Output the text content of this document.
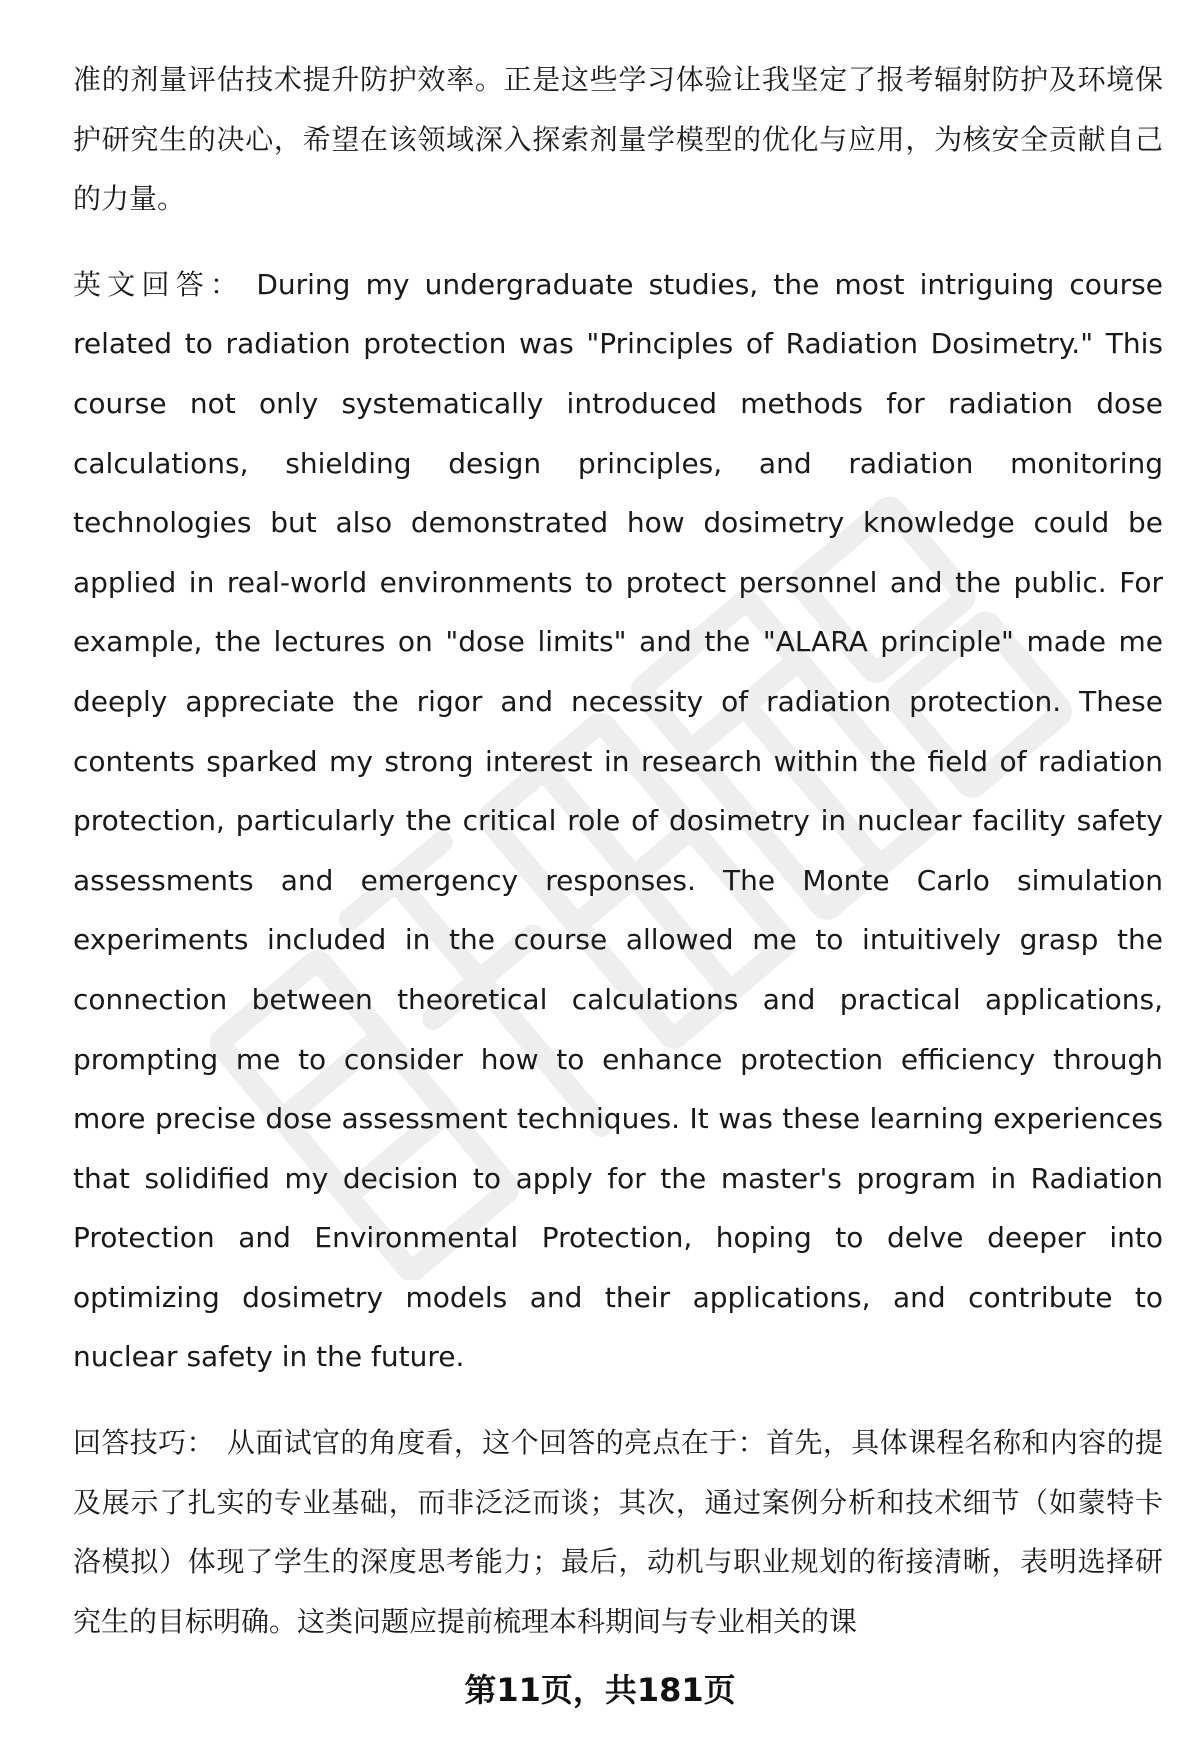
准的剂量评估技术提升防护效率。正是这些学习体验让我坚定了报考辐射防护及环境保护研究生的决心，希望在该领域深入探索剂量学模型的优化与应用，为核安全贡献自己的力量。

英文回答： During my undergraduate studies, the most intriguing course related to radiation protection was "Principles of Radiation Dosimetry." This course not only systematically introduced methods for radiation dose calculations, shielding design principles, and radiation monitoring technologies but also demonstrated how dosimetry knowledge could be applied in real-world environments to protect personnel and the public. For example, the lectures on "dose limits" and the "ALARA principle" made me deeply appreciate the rigor and necessity of radiation protection. These contents sparked my strong interest in research within the field of radiation protection, particularly the critical role of dosimetry in nuclear facility safety assessments and emergency responses. The Monte Carlo simulation experiments included in the course allowed me to intuitively grasp the connection between theoretical calculations and practical applications, prompting me to consider how to enhance protection efficiency through more precise dose assessment techniques. It was these learning experiences that solidified my decision to apply for the master's program in Radiation Protection and Environmental Protection, hoping to delve deeper into optimizing dosimetry models and their applications, and contribute to nuclear safety in the future.

回答技巧： 从面试官的角度看，这个回答的亮点在于：首先，具体课程名称和内容的提及展示了扎实的专业基础，而非泛泛而谈；其次，通过案例分析和技术细节（如蒙特卡洛模拟）体现了学生的深度思考能力；最后，动机与职业规划的衔接清晰，表明选择研究生的目标明确。这类问题应提前梳理本科期间与专业相关的课

第11页，共181页
